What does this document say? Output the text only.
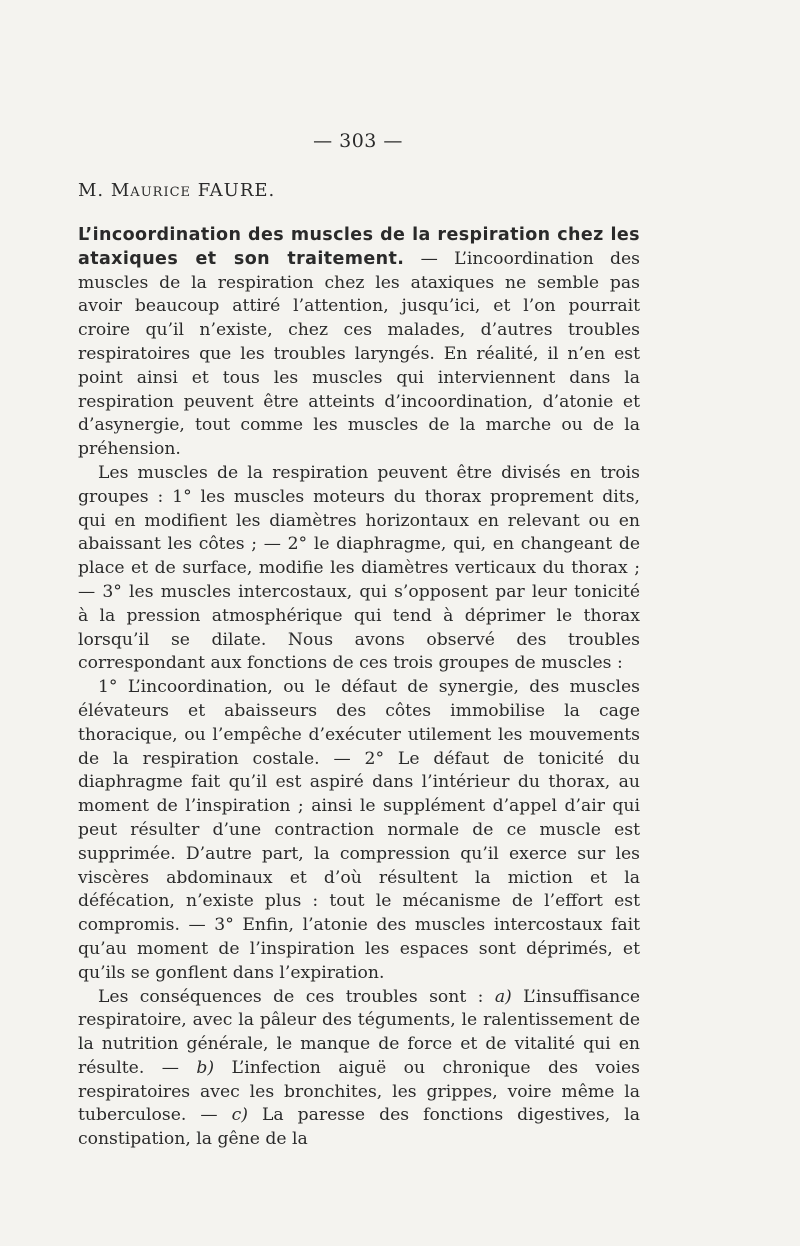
— 303 —
M. Maurice FAURE.

L’incoordination des muscles de la respiration chez les ataxiques et son traitement. — L’incoordination des muscles de la respiration chez les ataxiques ne semble pas avoir beaucoup attiré l’attention, jusqu’ici, et l’on pourrait croire qu’il n’existe, chez ces malades, d’autres troubles respiratoires que les troubles laryngés. En réalité, il n’en est point ainsi et tous les muscles qui interviennent dans la respiration peuvent être atteints d’incoordination, d’atonie et d’asynergie, tout comme les muscles de la marche ou de la préhension.

Les muscles de la respiration peuvent être divisés en trois groupes : 1° les muscles moteurs du thorax proprement dits, qui en modifient les diamètres horizontaux en relevant ou en abaissant les côtes ; — 2° le diaphragme, qui, en changeant de place et de surface, modifie les diamètres verticaux du thorax ; — 3° les muscles intercostaux, qui s’opposent par leur tonicité à la pression atmosphérique qui tend à déprimer le thorax lorsqu’il se dilate. Nous avons observé des troubles correspondant aux fonctions de ces trois groupes de muscles :

1° L’incoordination, ou le défaut de synergie, des muscles élévateurs et abaisseurs des côtes immobilise la cage thoracique, ou l’empêche d’exécuter utilement les mouvements de la respiration costale. — 2° Le défaut de tonicité du diaphragme fait qu’il est aspiré dans l’intérieur du thorax, au moment de l’inspiration ; ainsi le supplément d’appel d’air qui peut résulter d’une contraction normale de ce muscle est supprimée. D’autre part, la compression qu’il exerce sur les viscères abdominaux et d’où résultent la miction et la défécation, n’existe plus : tout le mécanisme de l’effort est compromis. — 3° Enfin, l’atonie des muscles intercostaux fait qu’au moment de l’inspiration les espaces sont déprimés, et qu’ils se gonflent dans l’expiration.

Les conséquences de ces troubles sont : a) L’insuffisance respiratoire, avec la pâleur des téguments, le ralentissement de la nutrition générale, le manque de force et de vitalité qui en résulte. — b) L’infection aiguë ou chronique des voies respiratoires avec les bronchites, les grippes, voire même la tuberculose. — c) La paresse des fonctions digestives, la constipation, la gêne de la
